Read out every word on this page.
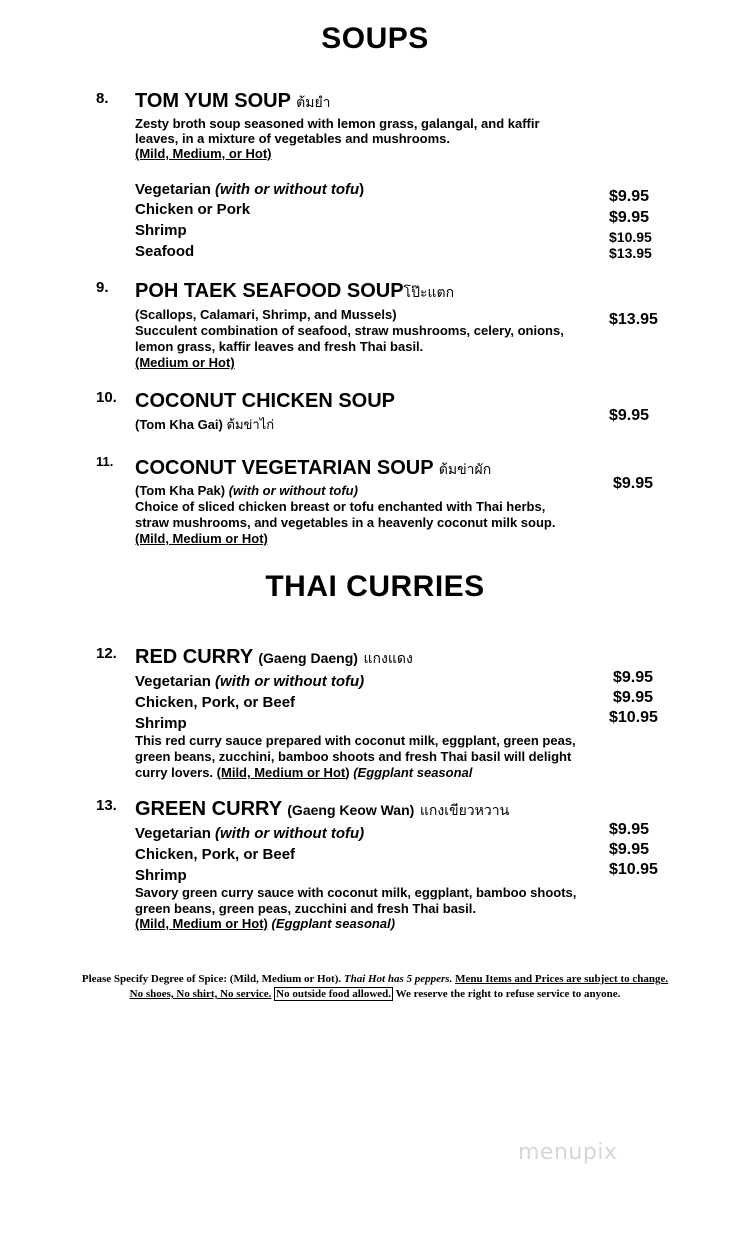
SOUPS
8. TOM YUM SOUP ต้มยำ
Zesty broth soup seasoned with lemon grass, galangal, and kaffir
leaves, in a mixture of vegetables and mushrooms.
(Mild, Medium, or Hot)
Vegetarian (with or without tofu)
Chicken or Pork
Shrimp
Seafood
$9.95
$9.95
$10.95
$13.95
9. POH TAEK SEAFOOD SOUPโป๊ะแตก
(Scallops, Calamari, Shrimp, and Mussels)
Succulent combination of seafood, straw mushrooms, celery, onions,
lemon grass, kaffir leaves and fresh Thai basil.
(Medium or Hot)
$13.95
10. COCONUT CHICKEN SOUP
(Tom Kha Gai) ต้มข่าไก่
$9.95
11. COCONUT VEGETARIAN SOUP ต้มข่าผัก
(Tom Kha Pak) (with or without tofu)
Choice of sliced chicken breast or tofu enchanted with Thai herbs,
straw mushrooms, and vegetables in a heavenly coconut milk soup.
(Mild, Medium or Hot)
$9.95
THAI CURRIES
12. RED CURRY (Gaeng Daeng) แกงแดง
Vegetarian (with or without tofu)
Chicken, Pork, or Beef
Shrimp
$9.95
$9.95
$10.95
This red curry sauce prepared with coconut milk, eggplant, green peas,
green beans, zucchini, bamboo shoots and fresh Thai basil will delight
curry lovers. (Mild, Medium or Hot) (Eggplant seasonal
13. GREEN CURRY (Gaeng Keow Wan) แกงเขียวหวาน
Vegetarian (with or without tofu)
Chicken, Pork, or Beef
Shrimp
$9.95
$9.95
$10.95
Savory green curry sauce with coconut milk, eggplant, bamboo shoots,
green beans, green peas, zucchini and fresh Thai basil.
(Mild, Medium or Hot) (Eggplant seasonal)
Please Specify Degree of Spice: (Mild, Medium or Hot). Thai Hot has 5 peppers. Menu Items and Prices are subject to change.
No shoes, No shirt, No service. No outside food allowed. We reserve the right to refuse service to anyone.
menupix
